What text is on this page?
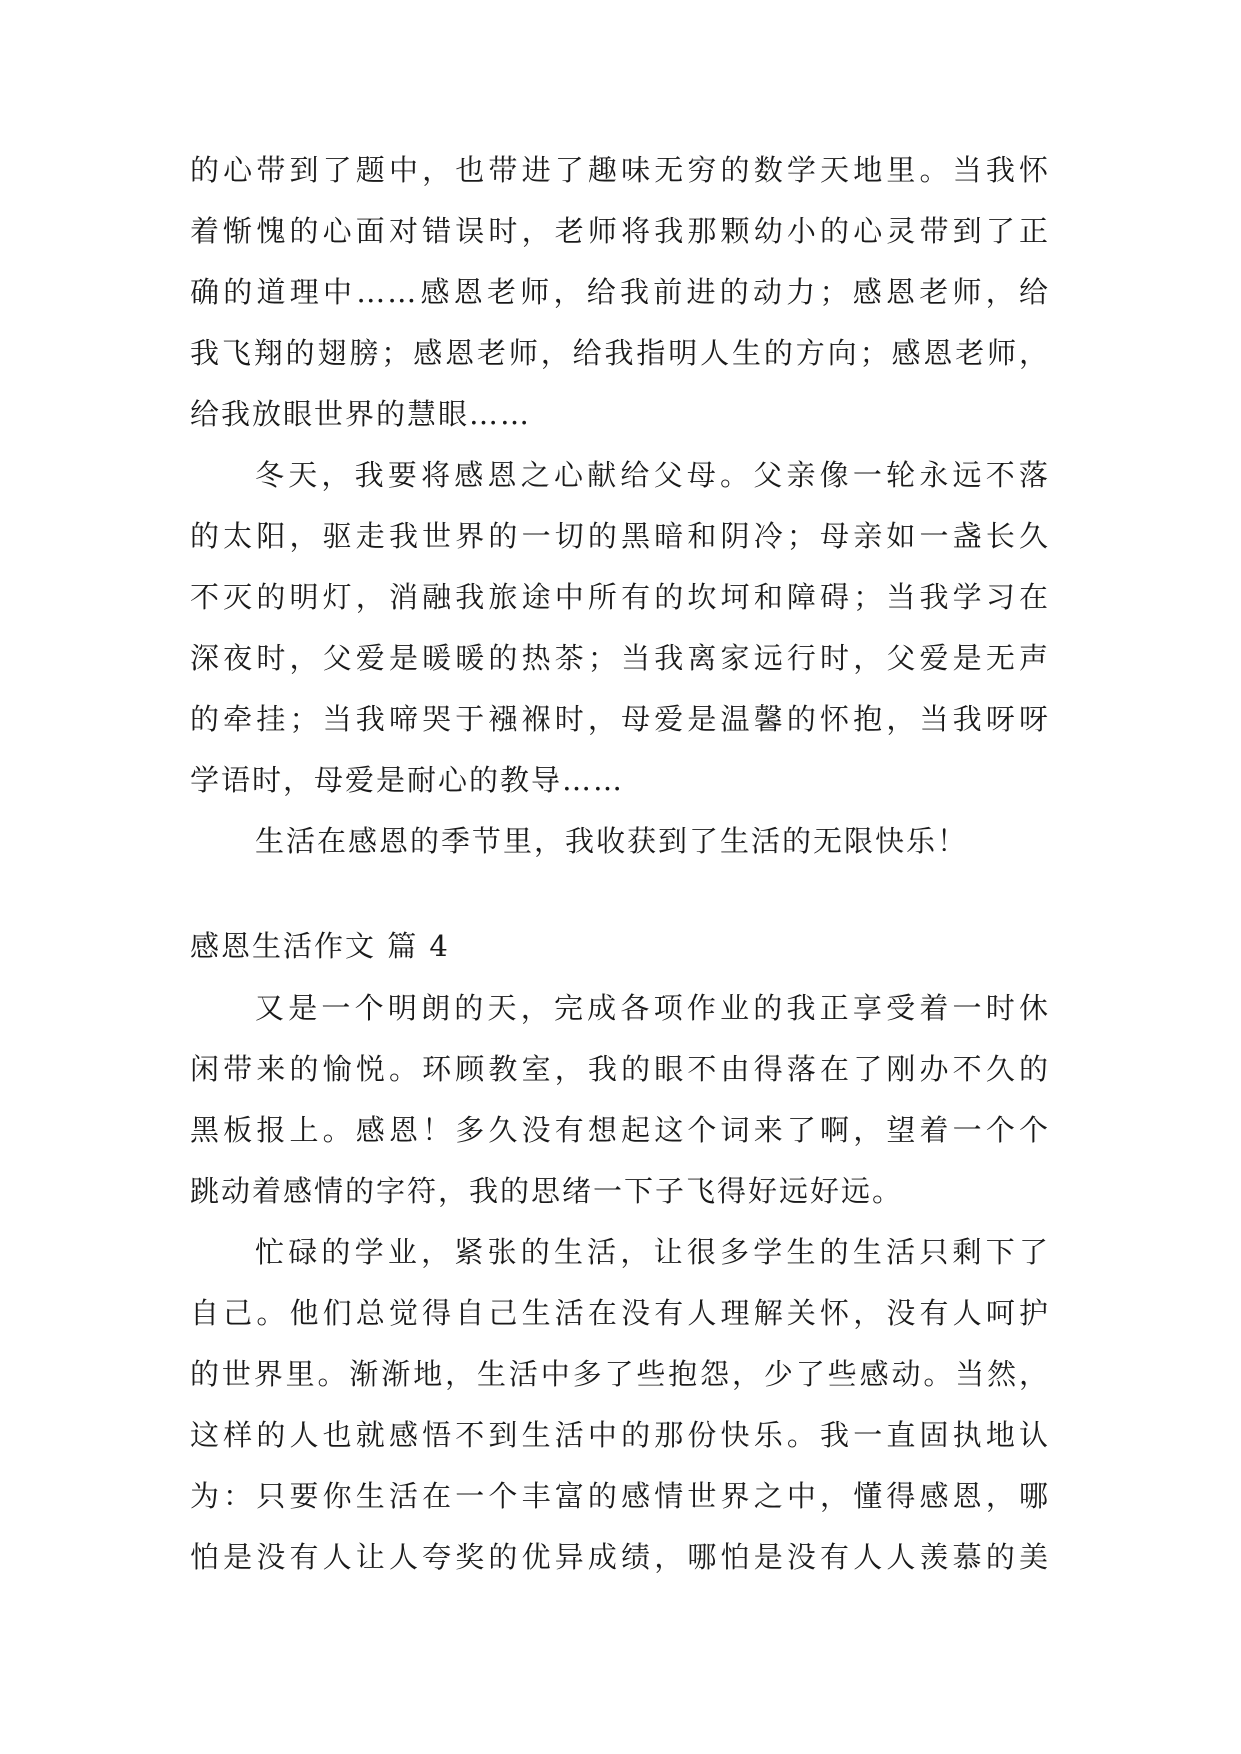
的心带到了题中，也带进了趣味无穷的数学天地里。当我怀
着惭愧的心面对错误时，老师将我那颗幼小的心灵带到了正
确的道理中……感恩老师，给我前进的动力；感恩老师，给
我飞翔的翅膀；感恩老师，给我指明人生的方向；感恩老师，
给我放眼世界的慧眼……
冬天，我要将感恩之心献给父母。父亲像一轮永远不落
的太阳，驱走我世界的一切的黑暗和阴冷；母亲如一盏长久
不灭的明灯，消融我旅途中所有的坎坷和障碍；当我学习在
深夜时，父爱是暖暖的热茶；当我离家远行时，父爱是无声
的牵挂；当我啼哭于襁褓时，母爱是温馨的怀抱，当我呀呀
学语时，母爱是耐心的教导……
生活在感恩的季节里，我收获到了生活的无限快乐！
感恩生活作文 篇 4
又是一个明朗的天，完成各项作业的我正享受着一时休
闲带来的愉悦。环顾教室，我的眼不由得落在了刚办不久的
黑板报上。感恩！多久没有想起这个词来了啊，望着一个个
跳动着感情的字符，我的思绪一下子飞得好远好远。
忙碌的学业，紧张的生活，让很多学生的生活只剩下了
自己。他们总觉得自己生活在没有人理解关怀，没有人呵护
的世界里。渐渐地，生活中多了些抱怨，少了些感动。当然，
这样的人也就感悟不到生活中的那份快乐。我一直固执地认
为：只要你生活在一个丰富的感情世界之中，懂得感恩，哪
怕是没有人让人夸奖的优异成绩，哪怕是没有人人羡慕的美
